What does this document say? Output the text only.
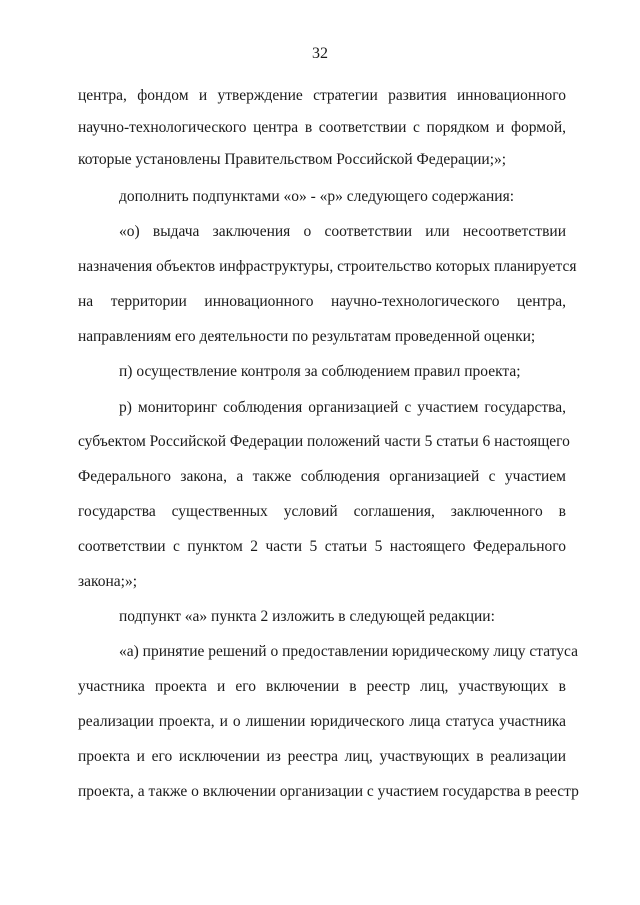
32
центра, фондом и утверждение стратегии развития инновационного
научно-технологического центра в соответствии с порядком и формой,
которые установлены Правительством Российской Федерации;»;
дополнить подпунктами «о» - «р» следующего содержания:
«о) выдача заключения о соответствии или несоответствии
назначения объектов инфраструктуры, строительство которых планируется
на территории инновационного научно-технологического центра,
направлениям его деятельности по результатам проведенной оценки;
п) осуществление контроля за соблюдением правил проекта;
р) мониторинг соблюдения организацией с участием государства,
субъектом Российской Федерации положений части 5 статьи 6 настоящего
Федерального закона, а также соблюдения организацией с участием
государства существенных условий соглашения, заключенного в
соответствии с пунктом 2 части 5 статьи 5 настоящего Федерального
закона;»;
подпункт «а» пункта 2 изложить в следующей редакции:
«а) принятие решений о предоставлении юридическому лицу статуса
участника проекта и его включении в реестр лиц, участвующих в
реализации проекта, и о лишении юридического лица статуса участника
проекта и его исключении из реестра лиц, участвующих в реализации
проекта, а также о включении организации с участием государства в реестр
